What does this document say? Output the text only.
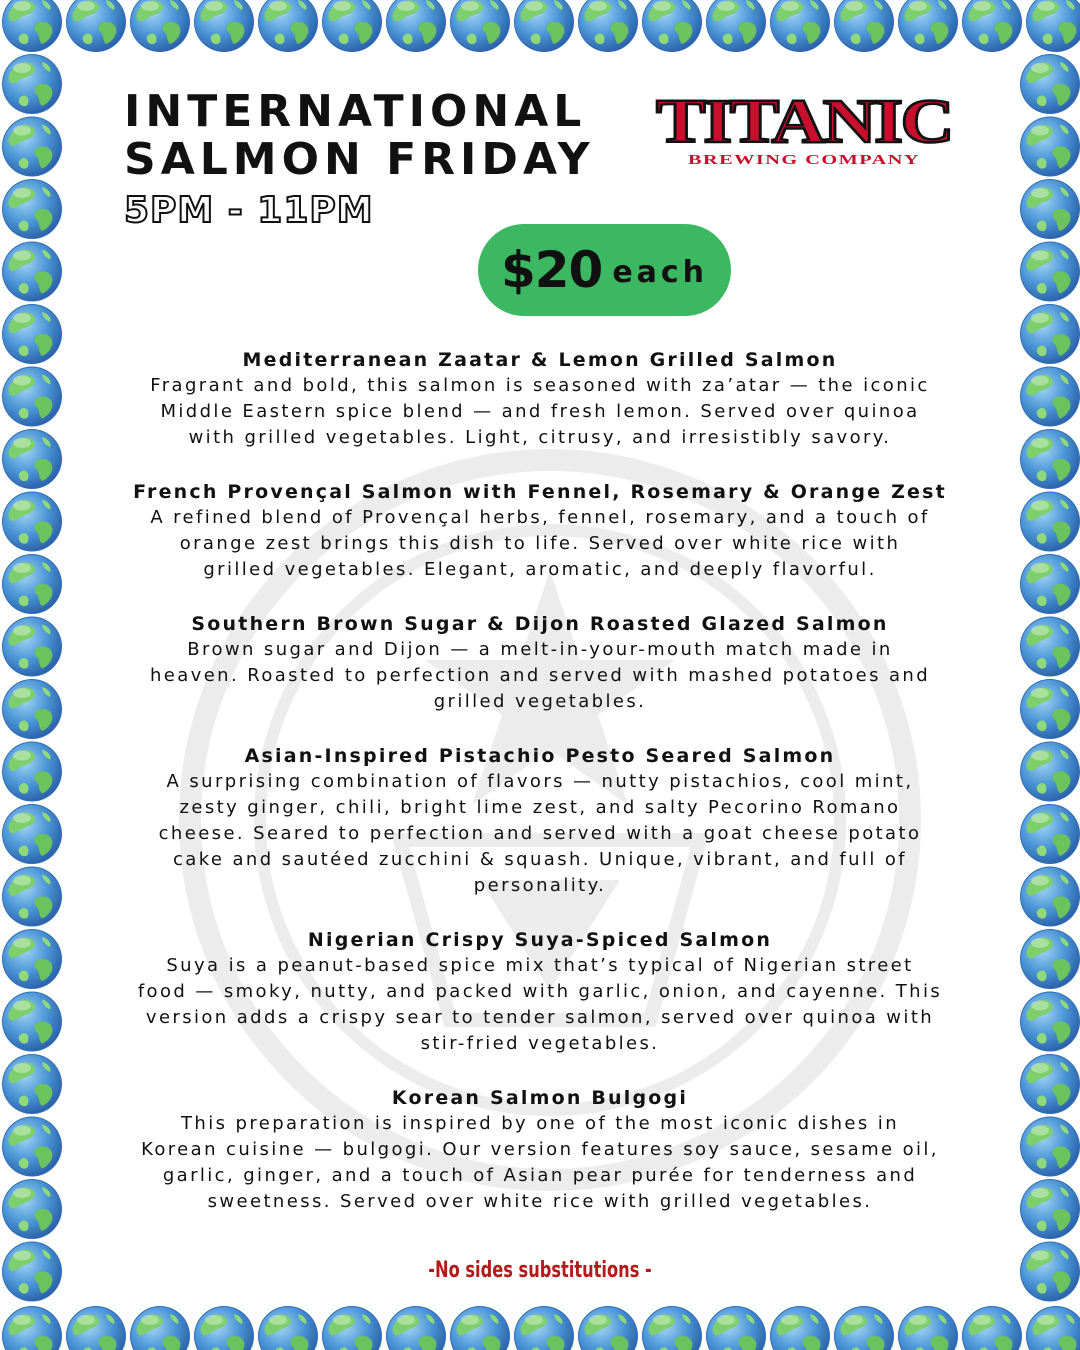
INTERNATIONAL
SALMON FRIDAY
5PM - 11PM
TITANIC
BREWING COMPANY
$20 each
Mediterranean Zaatar & Lemon Grilled Salmon
Fragrant and bold, this salmon is seasoned with za’atar — the iconic
Middle Eastern spice blend — and fresh lemon. Served over quinoa
with grilled vegetables. Light, citrusy, and irresistibly savory.
French Provençal Salmon with Fennel, Rosemary & Orange Zest
A refined blend of Provençal herbs, fennel, rosemary, and a touch of
orange zest brings this dish to life. Served over white rice with
grilled vegetables. Elegant, aromatic, and deeply flavorful.
Southern Brown Sugar & Dijon Roasted Glazed Salmon
Brown sugar and Dijon — a melt-in-your-mouth match made in
heaven. Roasted to perfection and served with mashed potatoes and
grilled vegetables.
Asian-Inspired Pistachio Pesto Seared Salmon
A surprising combination of flavors — nutty pistachios, cool mint,
zesty ginger, chili, bright lime zest, and salty Pecorino Romano
cheese. Seared to perfection and served with a goat cheese potato
cake and sautéed zucchini & squash. Unique, vibrant, and full of
personality.
Nigerian Crispy Suya-Spiced Salmon
Suya is a peanut-based spice mix that’s typical of Nigerian street
food — smoky, nutty, and packed with garlic, onion, and cayenne. This
version adds a crispy sear to tender salmon, served over quinoa with
stir-fried vegetables.
Korean Salmon Bulgogi
This preparation is inspired by one of the most iconic dishes in
Korean cuisine — bulgogi. Our version features soy sauce, sesame oil,
garlic, ginger, and a touch of Asian pear purée for tenderness and
sweetness. Served over white rice with grilled vegetables.
-No sides substitutions -
